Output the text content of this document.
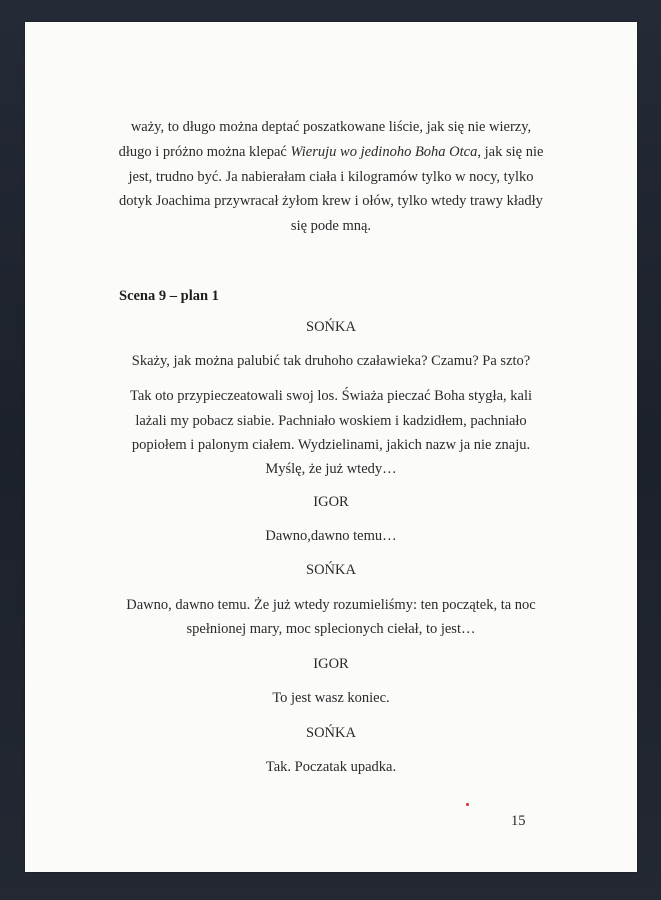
waży, to długo można deptać poszatkowane liście, jak się nie wierzy,
długo i próżno można klepać Wieruju wo jedinoho Boha Otca, jak się nie
jest, trudno być. Ja nabierałam ciała i kilogramów tylko w nocy, tylko
dotyk Joachima przywracał żyłom krew i ołów, tylko wtedy trawy kładły
się pode mną.
Scena 9 – plan 1
SOŃKA
Skaży, jak można palubić tak druhoho czaławieka? Czamu? Pa szto?
Tak oto przypieczeatowali swoj los. Świaża pieczać Boha stygła, kali
lażali my pobacz siabie. Pachniało woskiem i kadzidłem, pachniało
popiołem i palonym ciałem. Wydzielinami, jakich nazw ja nie znaju.
Myślę, że już wtedy…
IGOR
Dawno,dawno temu…
SOŃKA
Dawno, dawno temu. Że już wtedy rozumieliśmy: ten początek, ta noc
spełnionej mary, moc splecionych ciełał, to jest…
IGOR
To jest wasz koniec.
SOŃKA
Tak. Poczatak upadka.
15
